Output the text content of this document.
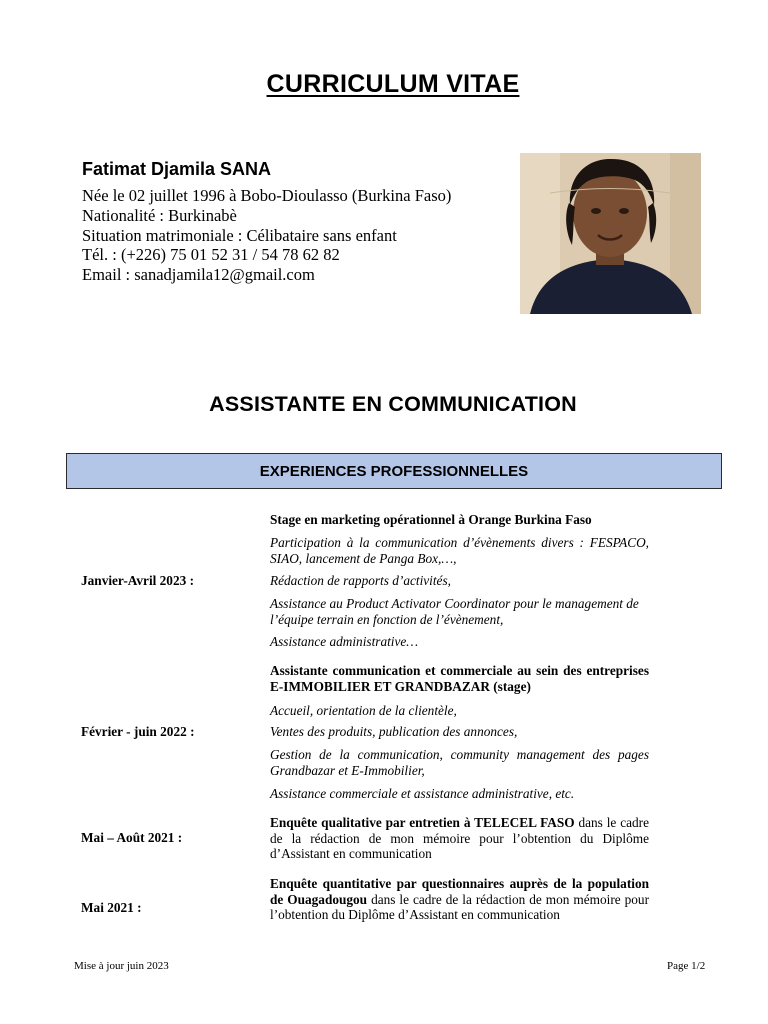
CURRICULUM VITAE
Fatimat Djamila SANA
Née le 02 juillet 1996 à Bobo-Dioulasso (Burkina Faso)
Nationalité : Burkinabè
Situation matrimoniale : Célibataire sans enfant
Tél. : (+226) 75 01 52 31 / 54 78 62 82
Email : sanadjamila12@gmail.com
ASSISTANTE EN COMMUNICATION
EXPERIENCES PROFESSIONNELLES
Janvier-Avril 2023 :
Stage en marketing opérationnel à Orange Burkina Faso
Participation à la communication d’évènements divers : FESPACO, SIAO, lancement de Panga Box,…,
Rédaction de rapports d’activités,
Assistance au Product Activator Coordinator pour le management de l’équipe terrain en fonction de l’évènement,
Assistance administrative…
Février - juin 2022 :
Assistante communication et commerciale au sein des entreprises E-IMMOBILIER ET GRANDBAZAR (stage)
Accueil, orientation de la clientèle,
Ventes des produits, publication des annonces,
Gestion de la communication, community management des pages Grandbazar et E-Immobilier,
Assistance commerciale et assistance administrative, etc.
Mai – Août 2021 :
Enquête qualitative par entretien à TELECEL FASO dans le cadre de la rédaction de mon mémoire pour l’obtention du Diplôme d’Assistant en communication
Mai 2021 :
Enquête quantitative par questionnaires auprès de la population de Ouagadougou dans le cadre de la rédaction de mon mémoire pour l’obtention du Diplôme d’Assistant en communication
Mise à jour juin 2023	Page 1/2
